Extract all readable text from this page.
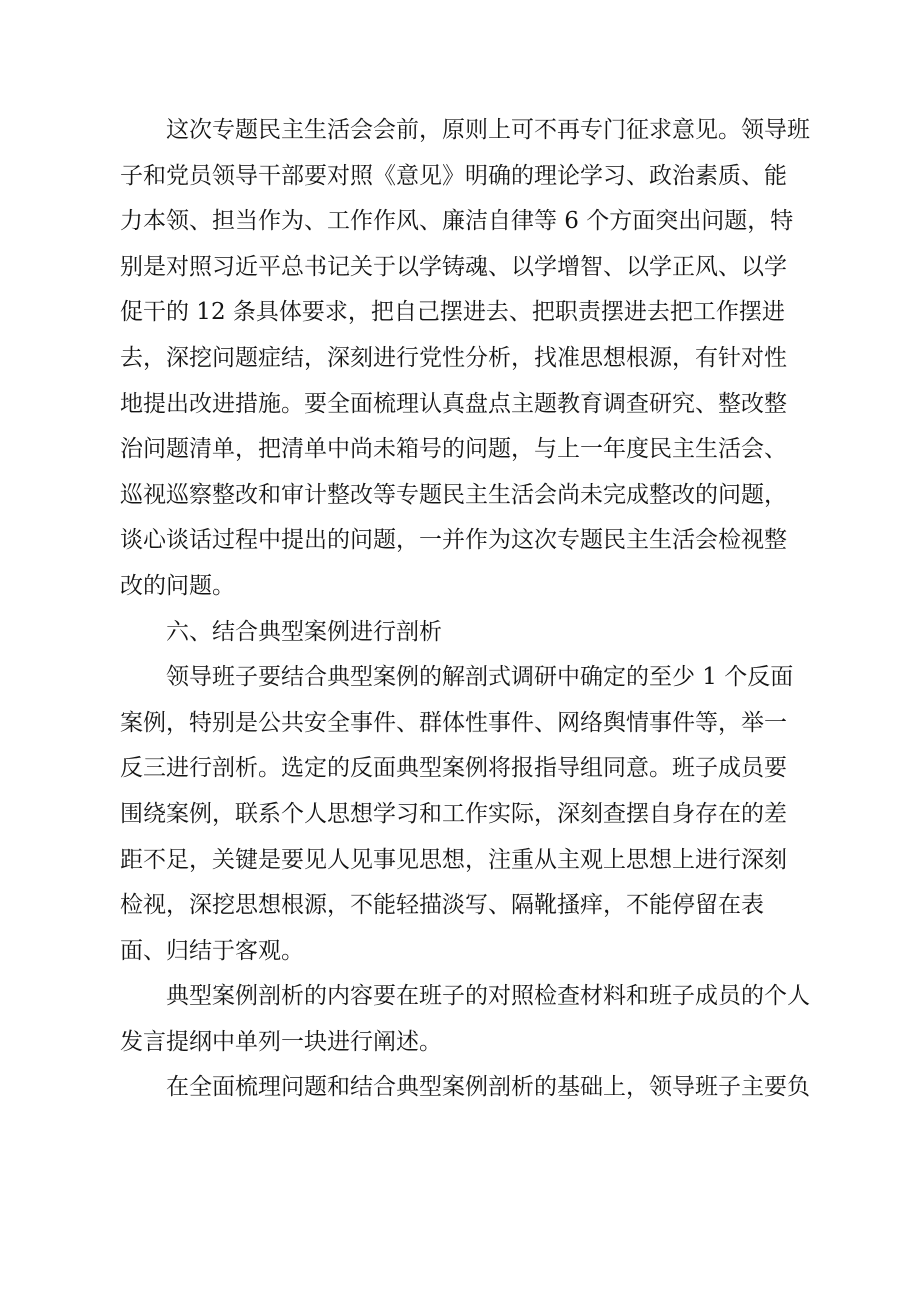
　　这次专题民主生活会会前，原则上可不再专门征求意见。领导班
子和党员领导干部要对照《意见》明确的理论学习、政治素质、能
力本领、担当作为、工作作风、廉洁自律等 6 个方面突出问题，特
别是对照习近平总书记关于以学铸魂、以学增智、以学正风、以学
促干的 12 条具体要求，把自己摆进去、把职责摆进去把工作摆进
去，深挖问题症结，深刻进行党性分析，找准思想根源，有针对性
地提出改进措施。要全面梳理认真盘点主题教育调查研究、整改整
治问题清单，把清单中尚未箱号的问题，与上一年度民主生活会、
巡视巡察整改和审计整改等专题民主生活会尚未完成整改的问题，
谈心谈话过程中提出的问题，一并作为这次专题民主生活会检视整
改的问题。
　　六、结合典型案例进行剖析
　　领导班子要结合典型案例的解剖式调研中确定的至少 1 个反面
案例，特别是公共安全事件、群体性事件、网络舆情事件等，举一
反三进行剖析。选定的反面典型案例将报指导组同意。班子成员要
围绕案例，联系个人思想学习和工作实际，深刻查摆自身存在的差
距不足，关键是要见人见事见思想，注重从主观上思想上进行深刻
检视，深挖思想根源，不能轻描淡写、隔靴搔痒，不能停留在表
面、归结于客观。
　　典型案例剖析的内容要在班子的对照检查材料和班子成员的个人
发言提纲中单列一块进行阐述。
　　在全面梳理问题和结合典型案例剖析的基础上，领导班子主要负
